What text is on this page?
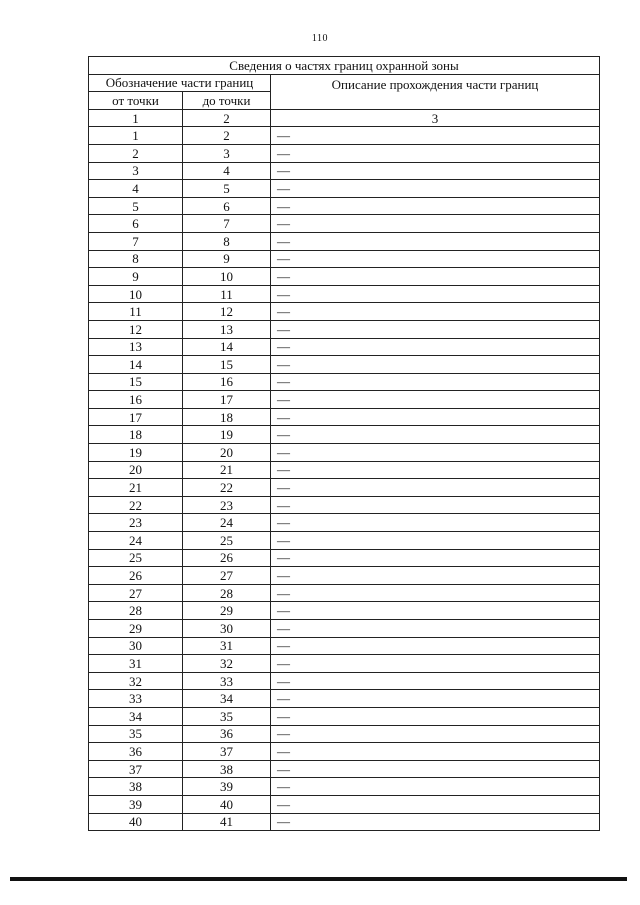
110
Сведения о частях границ охранной зоны		
Обозначение части границ		Описание прохождения части границ
от точки	до точки	
1	2	3
1	2	—
2	3	—
3	4	—
4	5	—
5	6	—
6	7	—
7	8	—
8	9	—
9	10	—
10	11	—
11	12	—
12	13	—
13	14	—
14	15	—
15	16	—
16	17	—
17	18	—
18	19	—
19	20	—
20	21	—
21	22	—
22	23	—
23	24	—
24	25	—
25	26	—
26	27	—
27	28	—
28	29	—
29	30	—
30	31	—
31	32	—
32	33	—
33	34	—
34	35	—
35	36	—
36	37	—
37	38	—
38	39	—
39	40	—
40	41	—
